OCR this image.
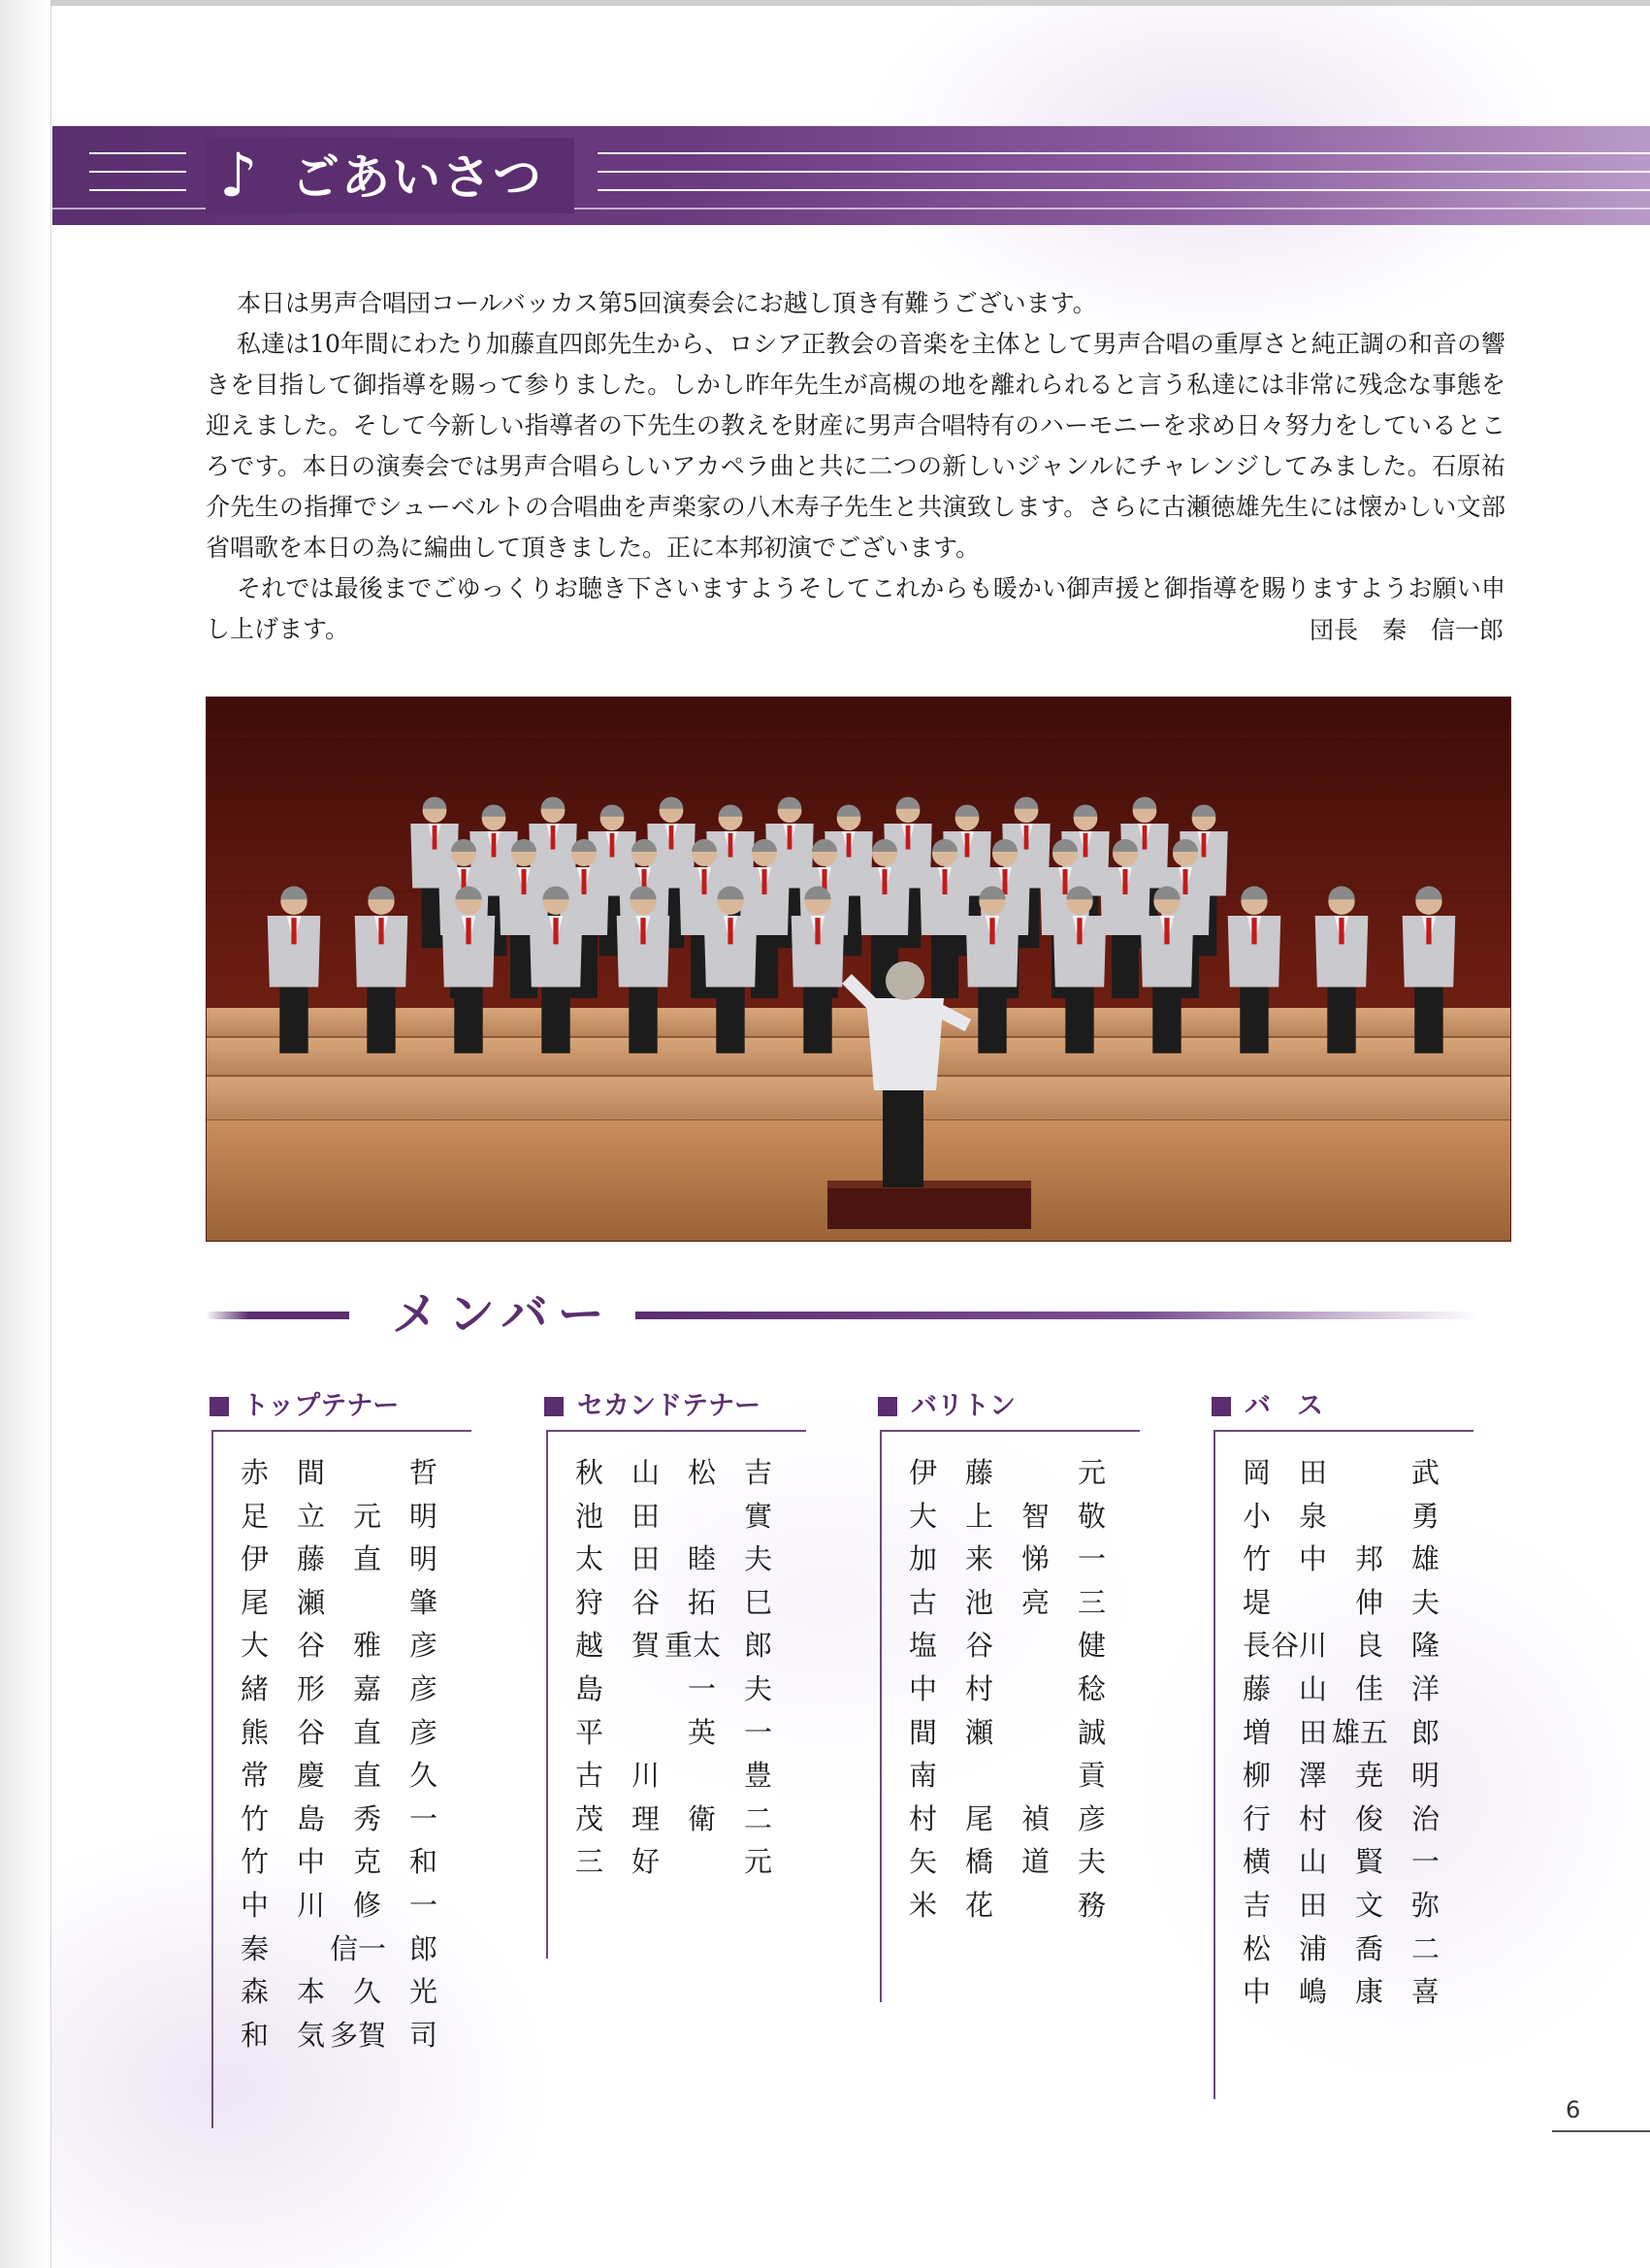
♪ ごあいさつ

本日は男声合唱団コールバッカス第5回演奏会にお越し頂き有難うございます。

私達は10年間にわたり加藤直四郎先生から、ロシア正教会の音楽を主体として男声合唱の重厚さと純正調の和音の響きを目指して御指導を賜って参りました。しかし昨年先生が高槻の地を離れられると言う私達には非常に残念な事態を迎えました。そして今新しい指導者の下先生の教えを財産に男声合唱特有のハーモニーを求め日々努力をしているところです。本日の演奏会では男声合唱らしいアカペラ曲と共に二つの新しいジャンルにチャレンジしてみました。石原祐介先生の指揮でシューベルトの合唱曲を声楽家の八木寿子先生と共演致します。さらに古瀬徳雄先生には懐かしい文部省唱歌を本日の為に編曲して頂きました。正に本邦初演でございます。

それでは最後までごゆっくりお聴き下さいますようそしてこれからも暖かい御声援と御指導を賜りますようお願い申し上げます。	団長　秦　信一郎
メンバー
トップテナー
赤 間	哲
足 立 元 明
伊 藤 直 明
尾 瀬	肇
大 谷 雅 彦
緒 形 嘉 彦
熊 谷 直 彦
常 慶 直 久
竹 島 秀 一
竹 中 克 和
中 川 修 一
秦 信一 郎
森 本 久 光
和 気 多賀 司
セカンドテナー
秋 山 松 吉
池 田	實
太 田 睦 夫
狩 谷 拓 巳
越 賀 重太 郎
島	一 夫
平	英 一
古 川	豊
茂 理 衛 二
三 好	元
バリトン
伊 藤	元
大 上 智 敬
加 来 悌 一
古 池 亮 三
塩 谷	健
中 村	稔
間 瀬	誠
南	貢
村 尾 禎 彦
矢 橋 道 夫
米 花	務
バ　ス
岡 田	武
小 泉	勇
竹 中 邦 雄
堤	伸 夫
長谷 川 良 隆
藤 山 佳 洋
増 田 雄五 郎
柳 澤 尭 明
行 村 俊 治
横 山 賢 一
吉 田 文 弥
松 浦 喬 二
中 嶋 康 喜
6
